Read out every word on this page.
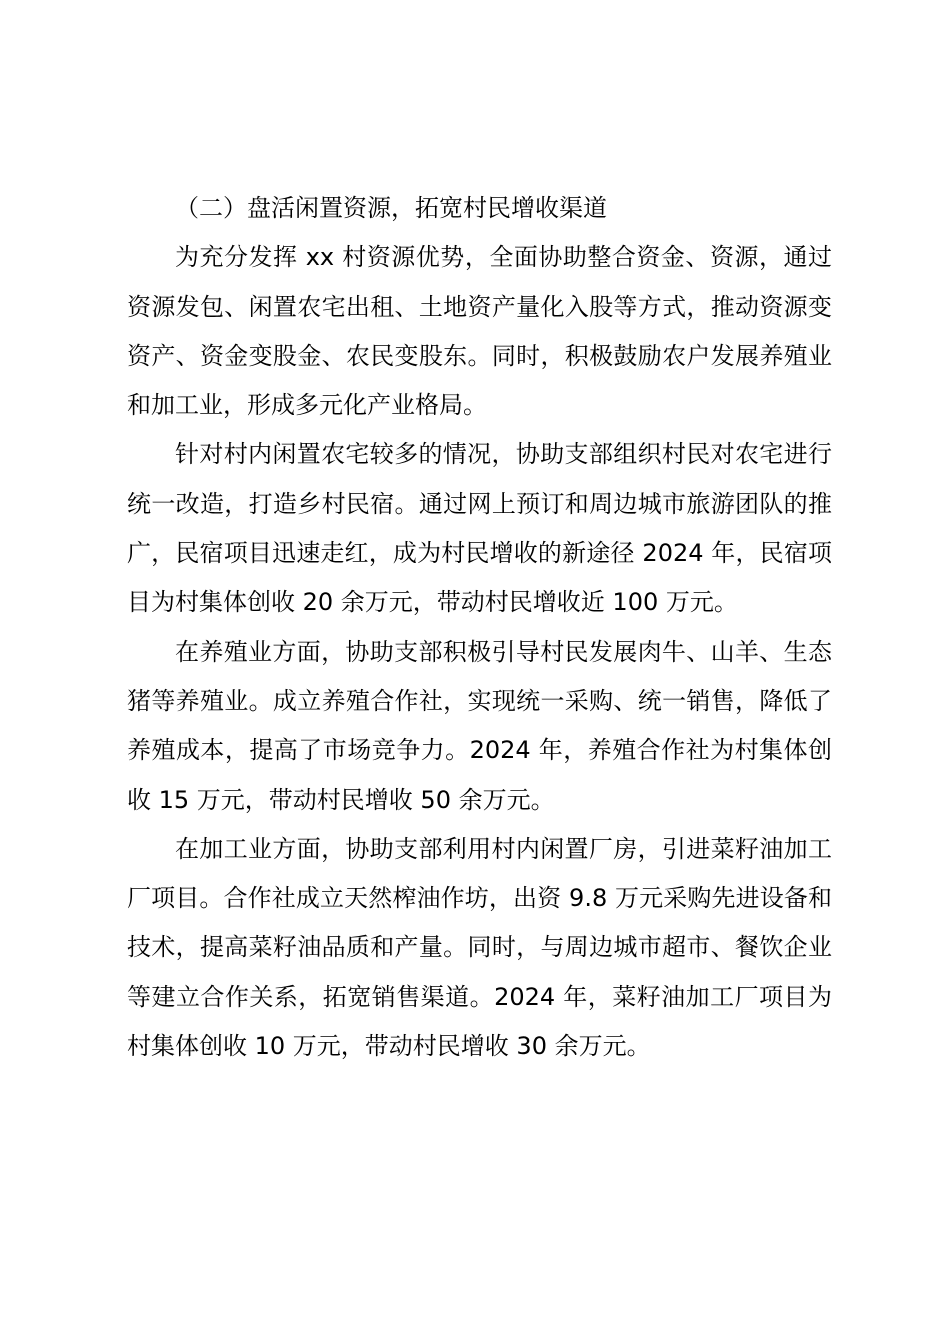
（二）盘活闲置资源，拓宽村民增收渠道

为充分发挥 xx 村资源优势，全面协助整合资金、资源，通过资源发包、闲置农宅出租、土地资产量化入股等方式，推动资源变资产、资金变股金、农民变股东。同时，积极鼓励农户发展养殖业和加工业，形成多元化产业格局。

针对村内闲置农宅较多的情况，协助支部组织村民对农宅进行统一改造，打造乡村民宿。通过网上预订和周边城市旅游团队的推广，民宿项目迅速走红，成为村民增收的新途径 2024 年，民宿项目为村集体创收 20 余万元，带动村民增收近 100 万元。

在养殖业方面，协助支部积极引导村民发展肉牛、山羊、生态猪等养殖业。成立养殖合作社，实现统一采购、统一销售，降低了养殖成本，提高了市场竞争力。2024 年，养殖合作社为村集体创收 15 万元，带动村民增收 50 余万元。

在加工业方面，协助支部利用村内闲置厂房，引进菜籽油加工厂项目。合作社成立天然榨油作坊，出资 9.8 万元采购先进设备和技术，提高菜籽油品质和产量。同时，与周边城市超市、餐饮企业等建立合作关系，拓宽销售渠道。2024 年，菜籽油加工厂项目为村集体创收 10 万元，带动村民增收 30 余万元。
